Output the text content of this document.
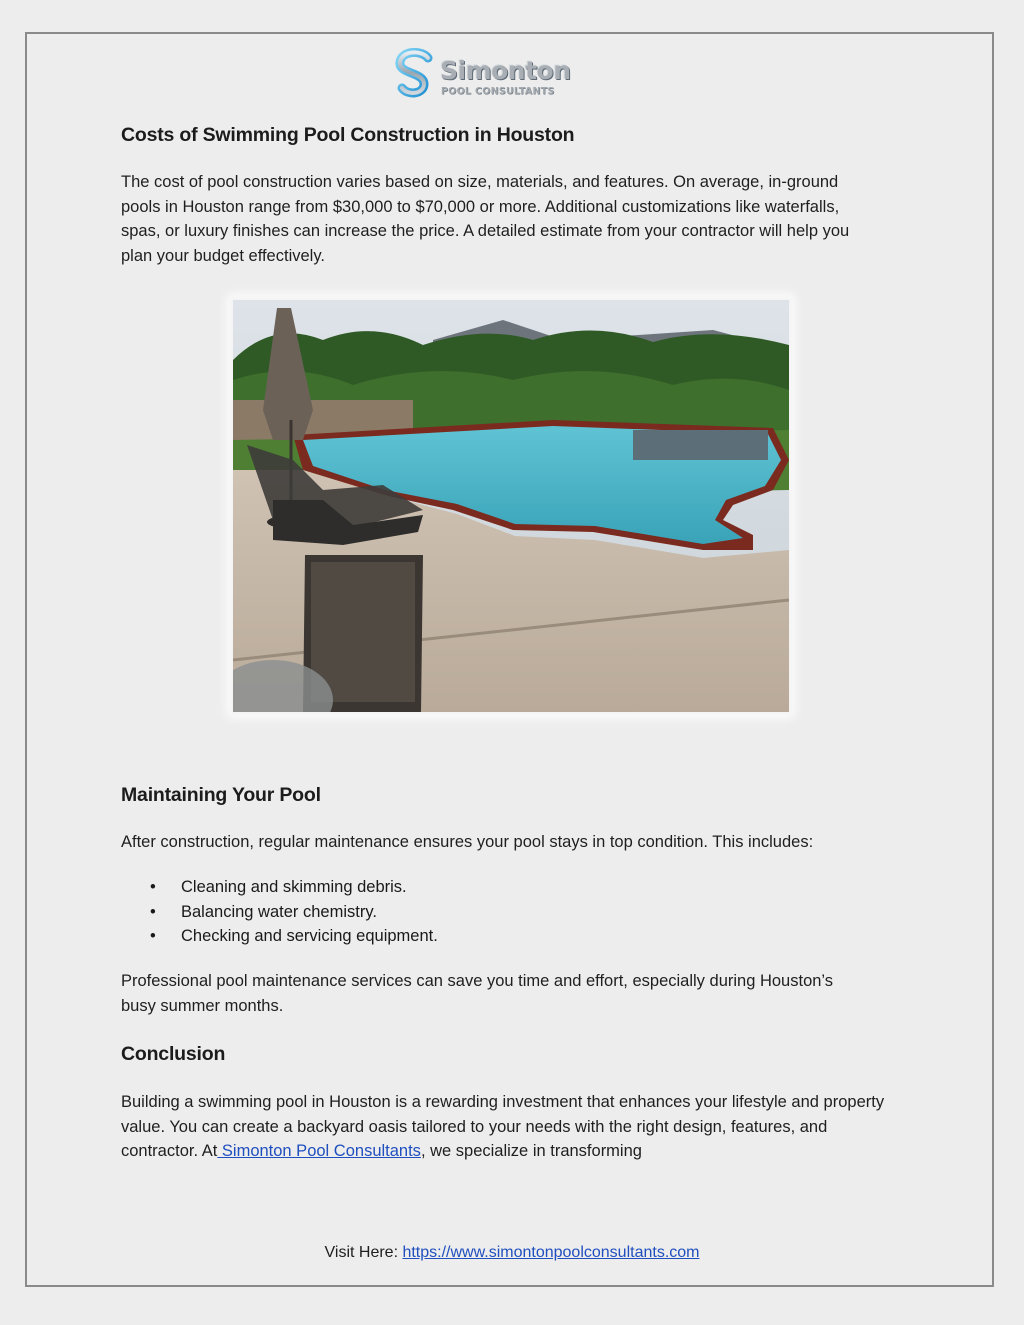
Simonton
POOL CONSULTANTS
Costs of Swimming Pool Construction in Houston

The cost of pool construction varies based on size, materials, and features. On average, in-ground pools in Houston range from $30,000 to $70,000 or more. Additional customizations like waterfalls, spas, or luxury finishes can increase the price. A detailed estimate from your contractor will help you plan your budget effectively.

Maintaining Your Pool

After construction, regular maintenance ensures your pool stays in top condition. This includes:

• Cleaning and skimming debris.
• Balancing water chemistry.
• Checking and servicing equipment.

Professional pool maintenance services can save you time and effort, especially during Houston’s busy summer months.

Conclusion

Building a swimming pool in Houston is a rewarding investment that enhances your lifestyle and property value. You can create a backyard oasis tailored to your needs with the right design, features, and contractor. At Simonton Pool Consultants, we specialize in transforming

Visit Here: https://www.simontonpoolconsultants.com
